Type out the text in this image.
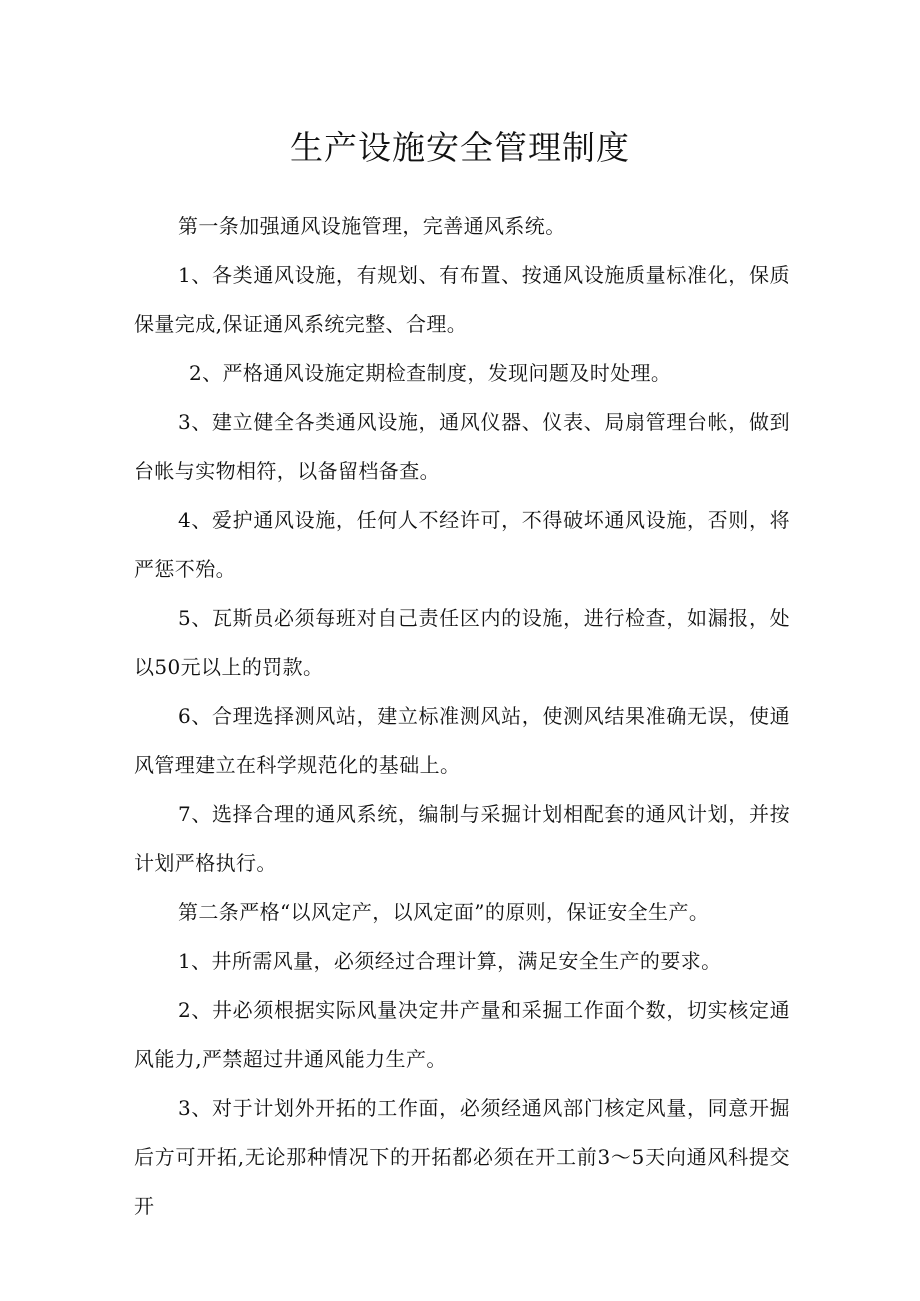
生产设施安全管理制度

第一条加强通风设施管理，完善通风系统。

1、各类通风设施，有规划、有布置、按通风设施质量标准化，保质保量完成,保证通风系统完整、合理。

2、严格通风设施定期检查制度，发现问题及时处理。

3、建立健全各类通风设施，通风仪器、仪表、局扇管理台帐，做到台帐与实物相符，以备留档备查。

4、爱护通风设施，任何人不经许可，不得破坏通风设施，否则，将严惩不殆。

5、瓦斯员必须每班对自己责任区内的设施，进行检查，如漏报，处以50元以上的罚款。

6、合理选择测风站，建立标准测风站，使测风结果准确无误，使通风管理建立在科学规范化的基础上。

7、选择合理的通风系统，编制与采掘计划相配套的通风计划，并按计划严格执行。

第二条严格“以风定产，以风定面”的原则，保证安全生产。

1、井所需风量，必须经过合理计算，满足安全生产的要求。

2、井必须根据实际风量决定井产量和采掘工作面个数，切实核定通风能力,严禁超过井通风能力生产。

3、对于计划外开拓的工作面，必须经通风部门核定风量，同意开掘后方可开拓,无论那种情况下的开拓都必须在开工前3～5天向通风科提交开
